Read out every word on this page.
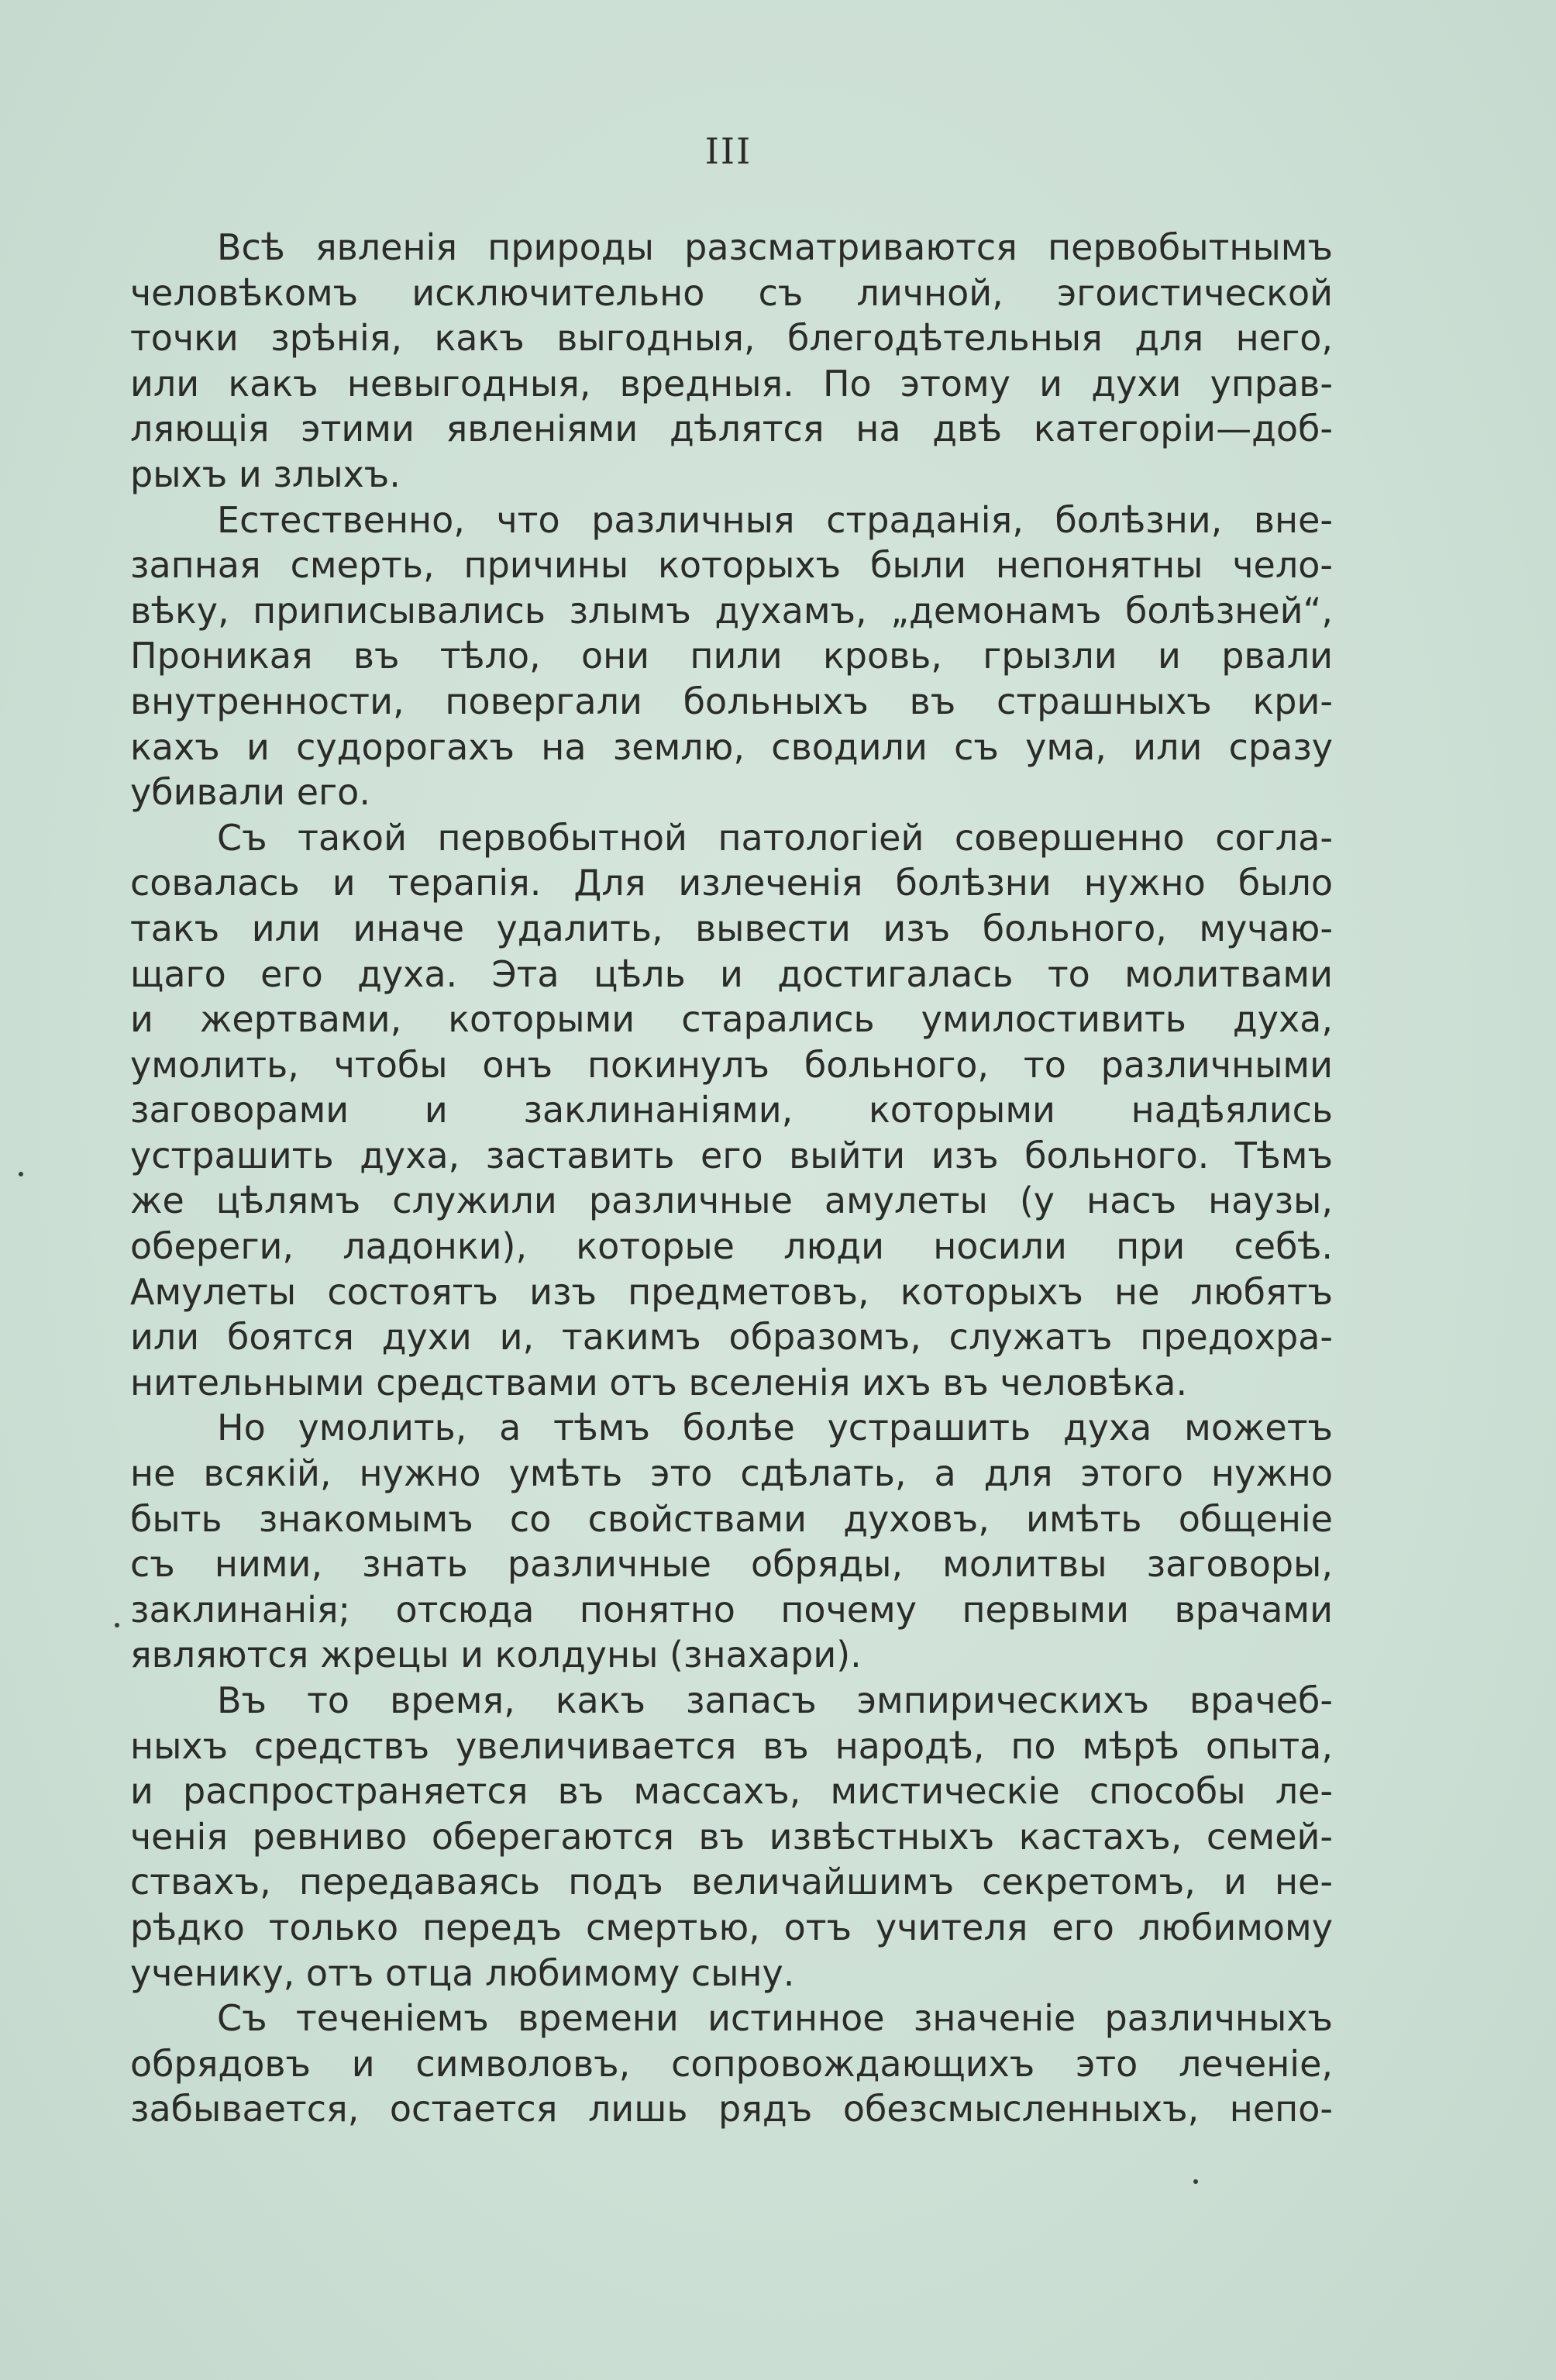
III
Всѣ явленія природы разсматриваются первобытнымъ
человѣкомъ исключительно съ личной, эгоистической
точки зрѣнія, какъ выгодныя, блегодѣтельныя для него,
или какъ невыгодныя, вредныя. По этому и духи управ-
ляющія этими явленіями дѣлятся на двѣ категоріи—доб-
рыхъ и злыхъ.
Естественно, что различныя страданія, болѣзни, вне-
запная смерть, причины которыхъ были непонятны чело-
вѣку, приписывались злымъ духамъ, „демонамъ болѣзней“,
Проникая въ тѣло, они пили кровь, грызли и рвали
внутренности, повергали больныхъ въ страшныхъ кри-
кахъ и судорогахъ на землю, сводили съ ума, или сразу
убивали его.
Съ такой первобытной патологіей совершенно согла-
совалась и терапія. Для излеченія болѣзни нужно было
такъ или иначе удалить, вывести изъ больного, мучаю-
щаго его духа. Эта цѣль и достигалась то молитвами
и жертвами, которыми старались умилостивить духа,
умолить, чтобы онъ покинулъ больного, то различными
заговорами и заклинаніями, которыми надѣялись
устрашить духа, заставить его выйти изъ больного. Тѣмъ
же цѣлямъ служили различные амулеты (у насъ наузы,
обереги, ладонки), которые люди носили при себѣ.
Амулеты состоятъ изъ предметовъ, которыхъ не любятъ
или боятся духи и, такимъ образомъ, служатъ предохра-
нительными средствами отъ вселенія ихъ въ человѣка.
Но умолить, а тѣмъ болѣе устрашить духа можетъ
не всякій, нужно умѣть это сдѣлать, а для этого нужно
быть знакомымъ со свойствами духовъ, имѣть общеніе
съ ними, знать различные обряды, молитвы заговоры,
заклинанія; отсюда понятно почему первыми врачами
являются жрецы и колдуны (знахари).
Въ то время, какъ запасъ эмпирическихъ врачеб-
ныхъ средствъ увеличивается въ народѣ, по мѣрѣ опыта,
и распространяется въ массахъ, мистическіе способы ле-
ченія ревниво оберегаются въ извѣстныхъ кастахъ, семей-
ствахъ, передаваясь подъ величайшимъ секретомъ, и не-
рѣдко только передъ смертью, отъ учителя его любимому
ученику, отъ отца любимому сыну.
Съ теченіемъ времени истинное значеніе различныхъ
обрядовъ и символовъ, сопровождающихъ это леченіе,
забывается, остается лишь рядъ обезсмысленныхъ, непо-
